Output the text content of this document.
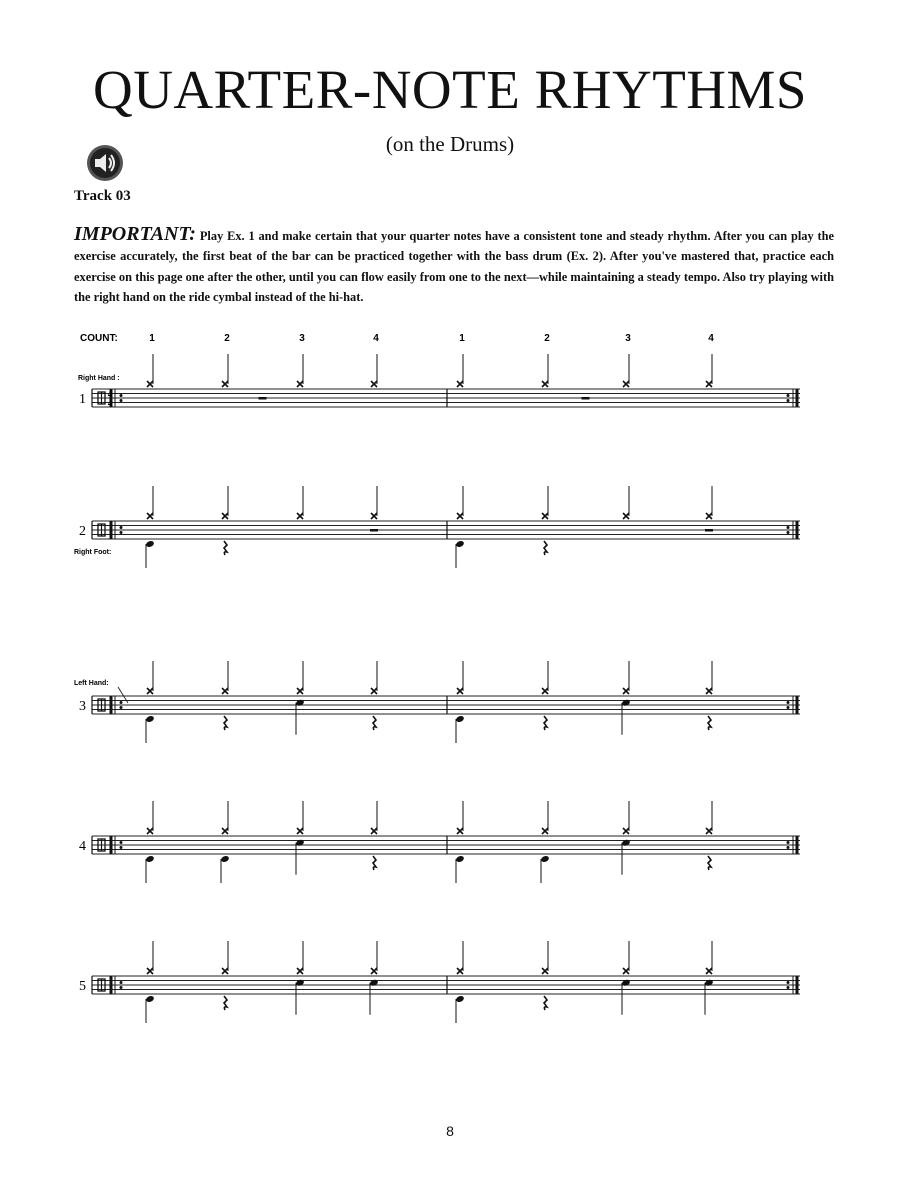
QUARTER-NOTE RHYTHMS
(on the Drums)
Track 03
IMPORTANT: Play Ex. 1 and make certain that your quarter notes have a consistent tone and steady rhythm. After you can play the exercise accurately, the first beat of the bar can be practiced together with the bass drum (Ex. 2). After you've mastered that, practice each exercise on this page one after the other, until you can flow easily from one to the next—while maintaining a steady tempo. Also try playing with the right hand on the ride cymbal instead of the hi-hat.
COUNT:	1	2	3	4	1	2	3	4
1 4
4
Right Hand :
2
Right Foot:
3
Left Hand:
4
5
8
